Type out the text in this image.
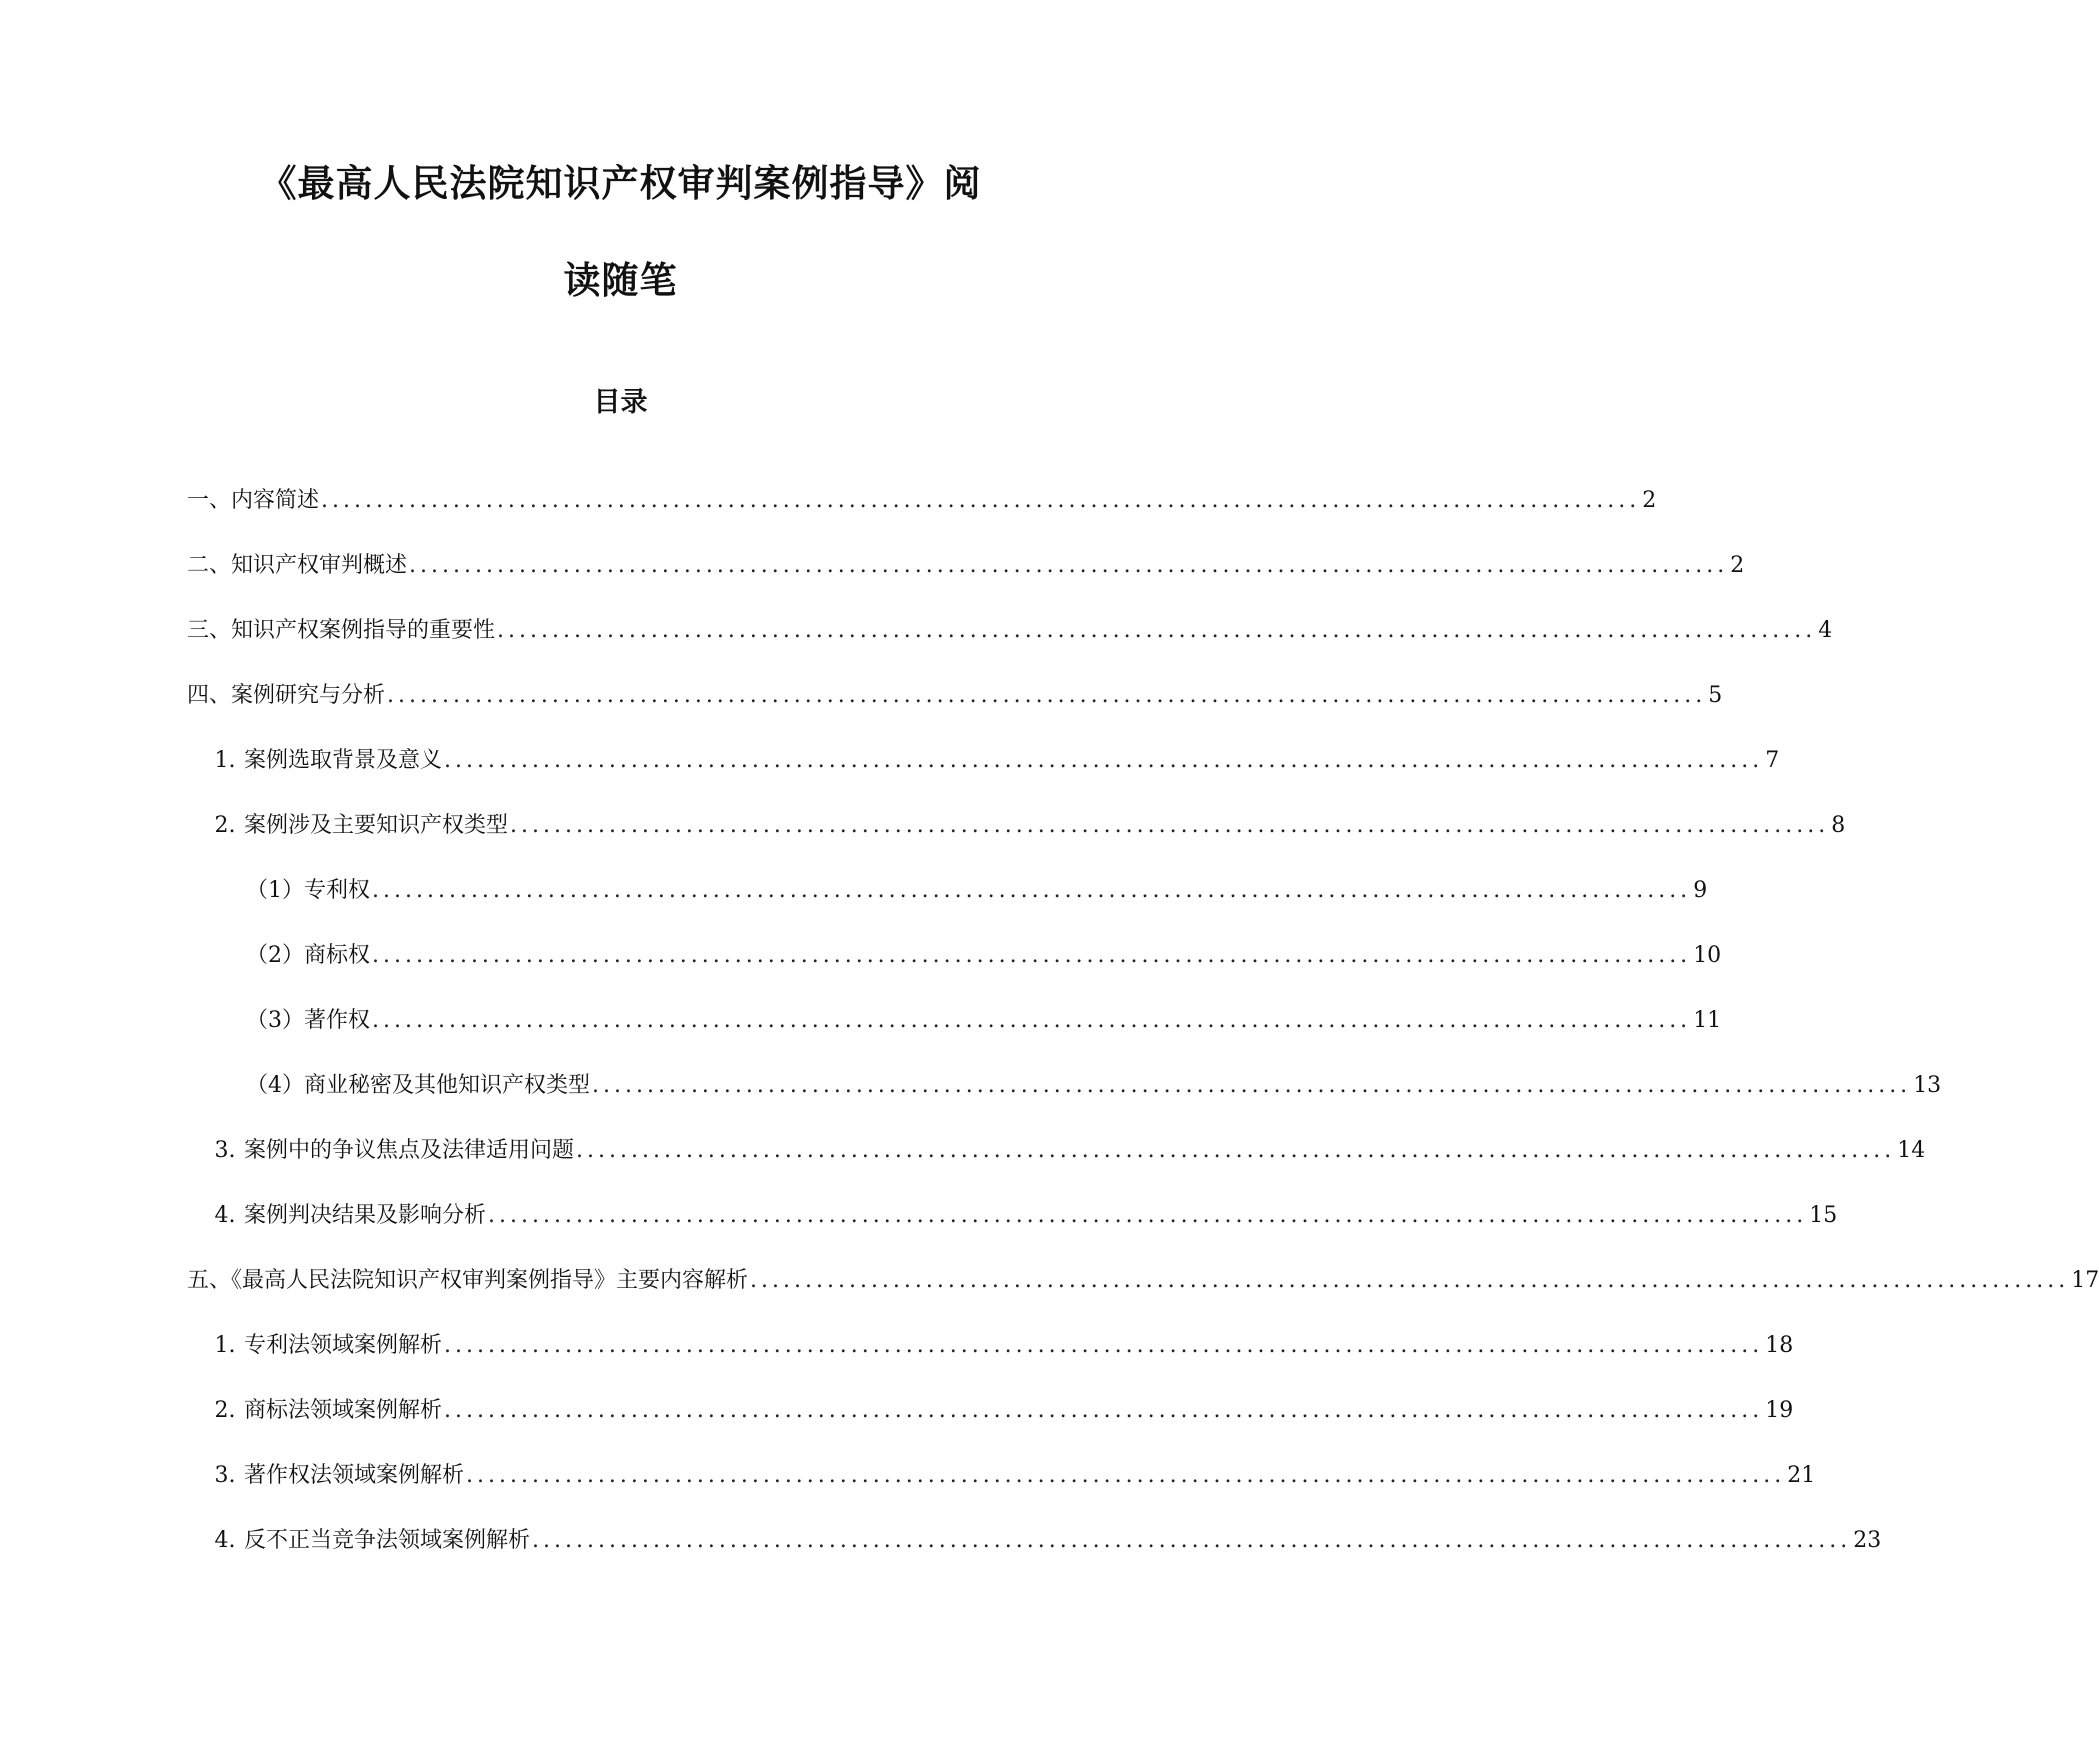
《最高人民法院知识产权审判案例指导》阅
读随笔
目录
一、内容简述 ........................................................................................................................ 2
二、知识产权审判概述 ........................................................................................................................ 2
三、知识产权案例指导的重要性 ........................................................................................................................ 4
四、案例研究与分析 ........................................................................................................................ 5
1. 案例选取背景及意义 ........................................................................................................................ 7
2. 案例涉及主要知识产权类型 ........................................................................................................................ 8
（1）专利权 ........................................................................................................................ 9
（2）商标权 ........................................................................................................................ 10
（3）著作权 ........................................................................................................................ 11
（4）商业秘密及其他知识产权类型 ........................................................................................................................ 13
3. 案例中的争议焦点及法律适用问题 ........................................................................................................................ 14
4. 案例判决结果及影响分析 ........................................................................................................................ 15
五、《最高人民法院知识产权审判案例指导》主要内容解析 ........................................................................................................................ 17
1. 专利法领域案例解析 ........................................................................................................................ 18
2. 商标法领域案例解析 ........................................................................................................................ 19
3. 著作权法领域案例解析 ........................................................................................................................ 21
4. 反不正当竞争法领域案例解析 ........................................................................................................................ 23
